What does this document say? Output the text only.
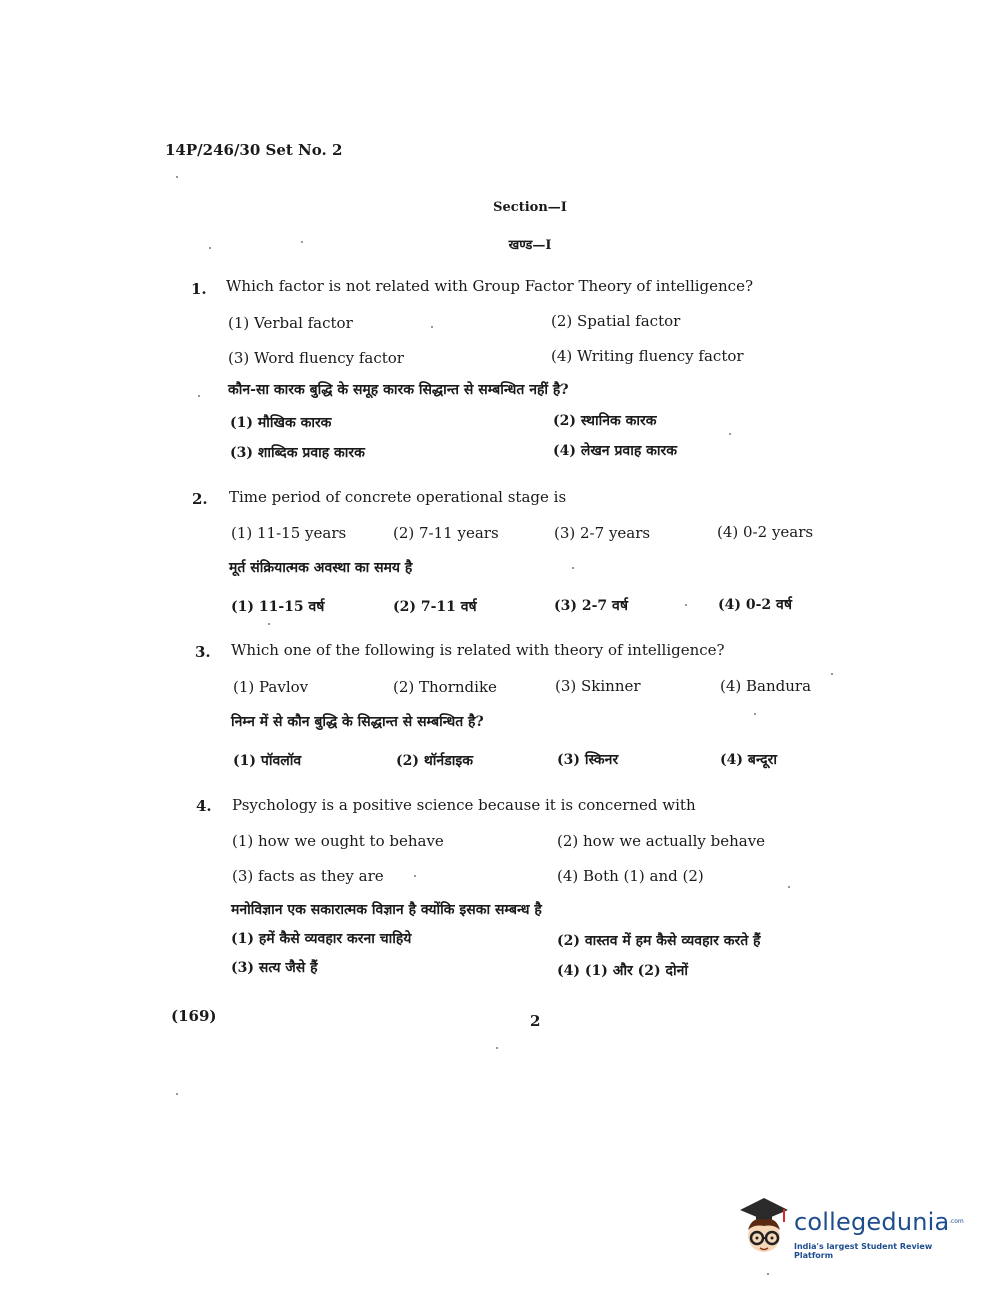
14P/246/30 Set No. 2
Section—I
खण्ड—I
1. Which factor is not related with Group Factor Theory of intelligence?
(1) Verbal factor	(2) Spatial factor
(3) Word fluency factor	(4) Writing fluency factor
कौन-सा कारक बुद्धि के समूह कारक सिद्धान्त से सम्बन्धित नहीं है?
(1) मौखिक कारक	(2) स्थानिक कारक
(3) शाब्दिक प्रवाह कारक	(4) लेखन प्रवाह कारक
2. Time period of concrete operational stage is
(1) 11-15 years	(2) 7-11 years	(3) 2-7 years	(4) 0-2 years
मूर्त संक्रियात्मक अवस्था का समय है
(1) 11-15 वर्ष	(2) 7-11 वर्ष	(3) 2-7 वर्ष	(4) 0-2 वर्ष
3. Which one of the following is related with theory of intelligence?
(1) Pavlov	(2) Thorndike	(3) Skinner	(4) Bandura
निम्न में से कौन बुद्धि के सिद्धान्त से सम्बन्धित है?
(1) पॉवलॉव	(2) थॉर्नडाइक	(3) स्किनर	(4) बन्दूरा
4. Psychology is a positive science because it is concerned with
(1) how we ought to behave	(2) how we actually behave
(3) facts as they are	(4) Both (1) and (2)
मनोविज्ञान एक सकारात्मक विज्ञान है क्योंकि इसका सम्बन्ध है
(1) हमें कैसे व्यवहार करना चाहिये	(2) वास्तव में हम कैसे व्यवहार करते हैं
(3) सत्य जैसे हैं	(4) (1) और (2) दोनों
(169)	2
collegedunia .com
India's largest Student Review Platform
